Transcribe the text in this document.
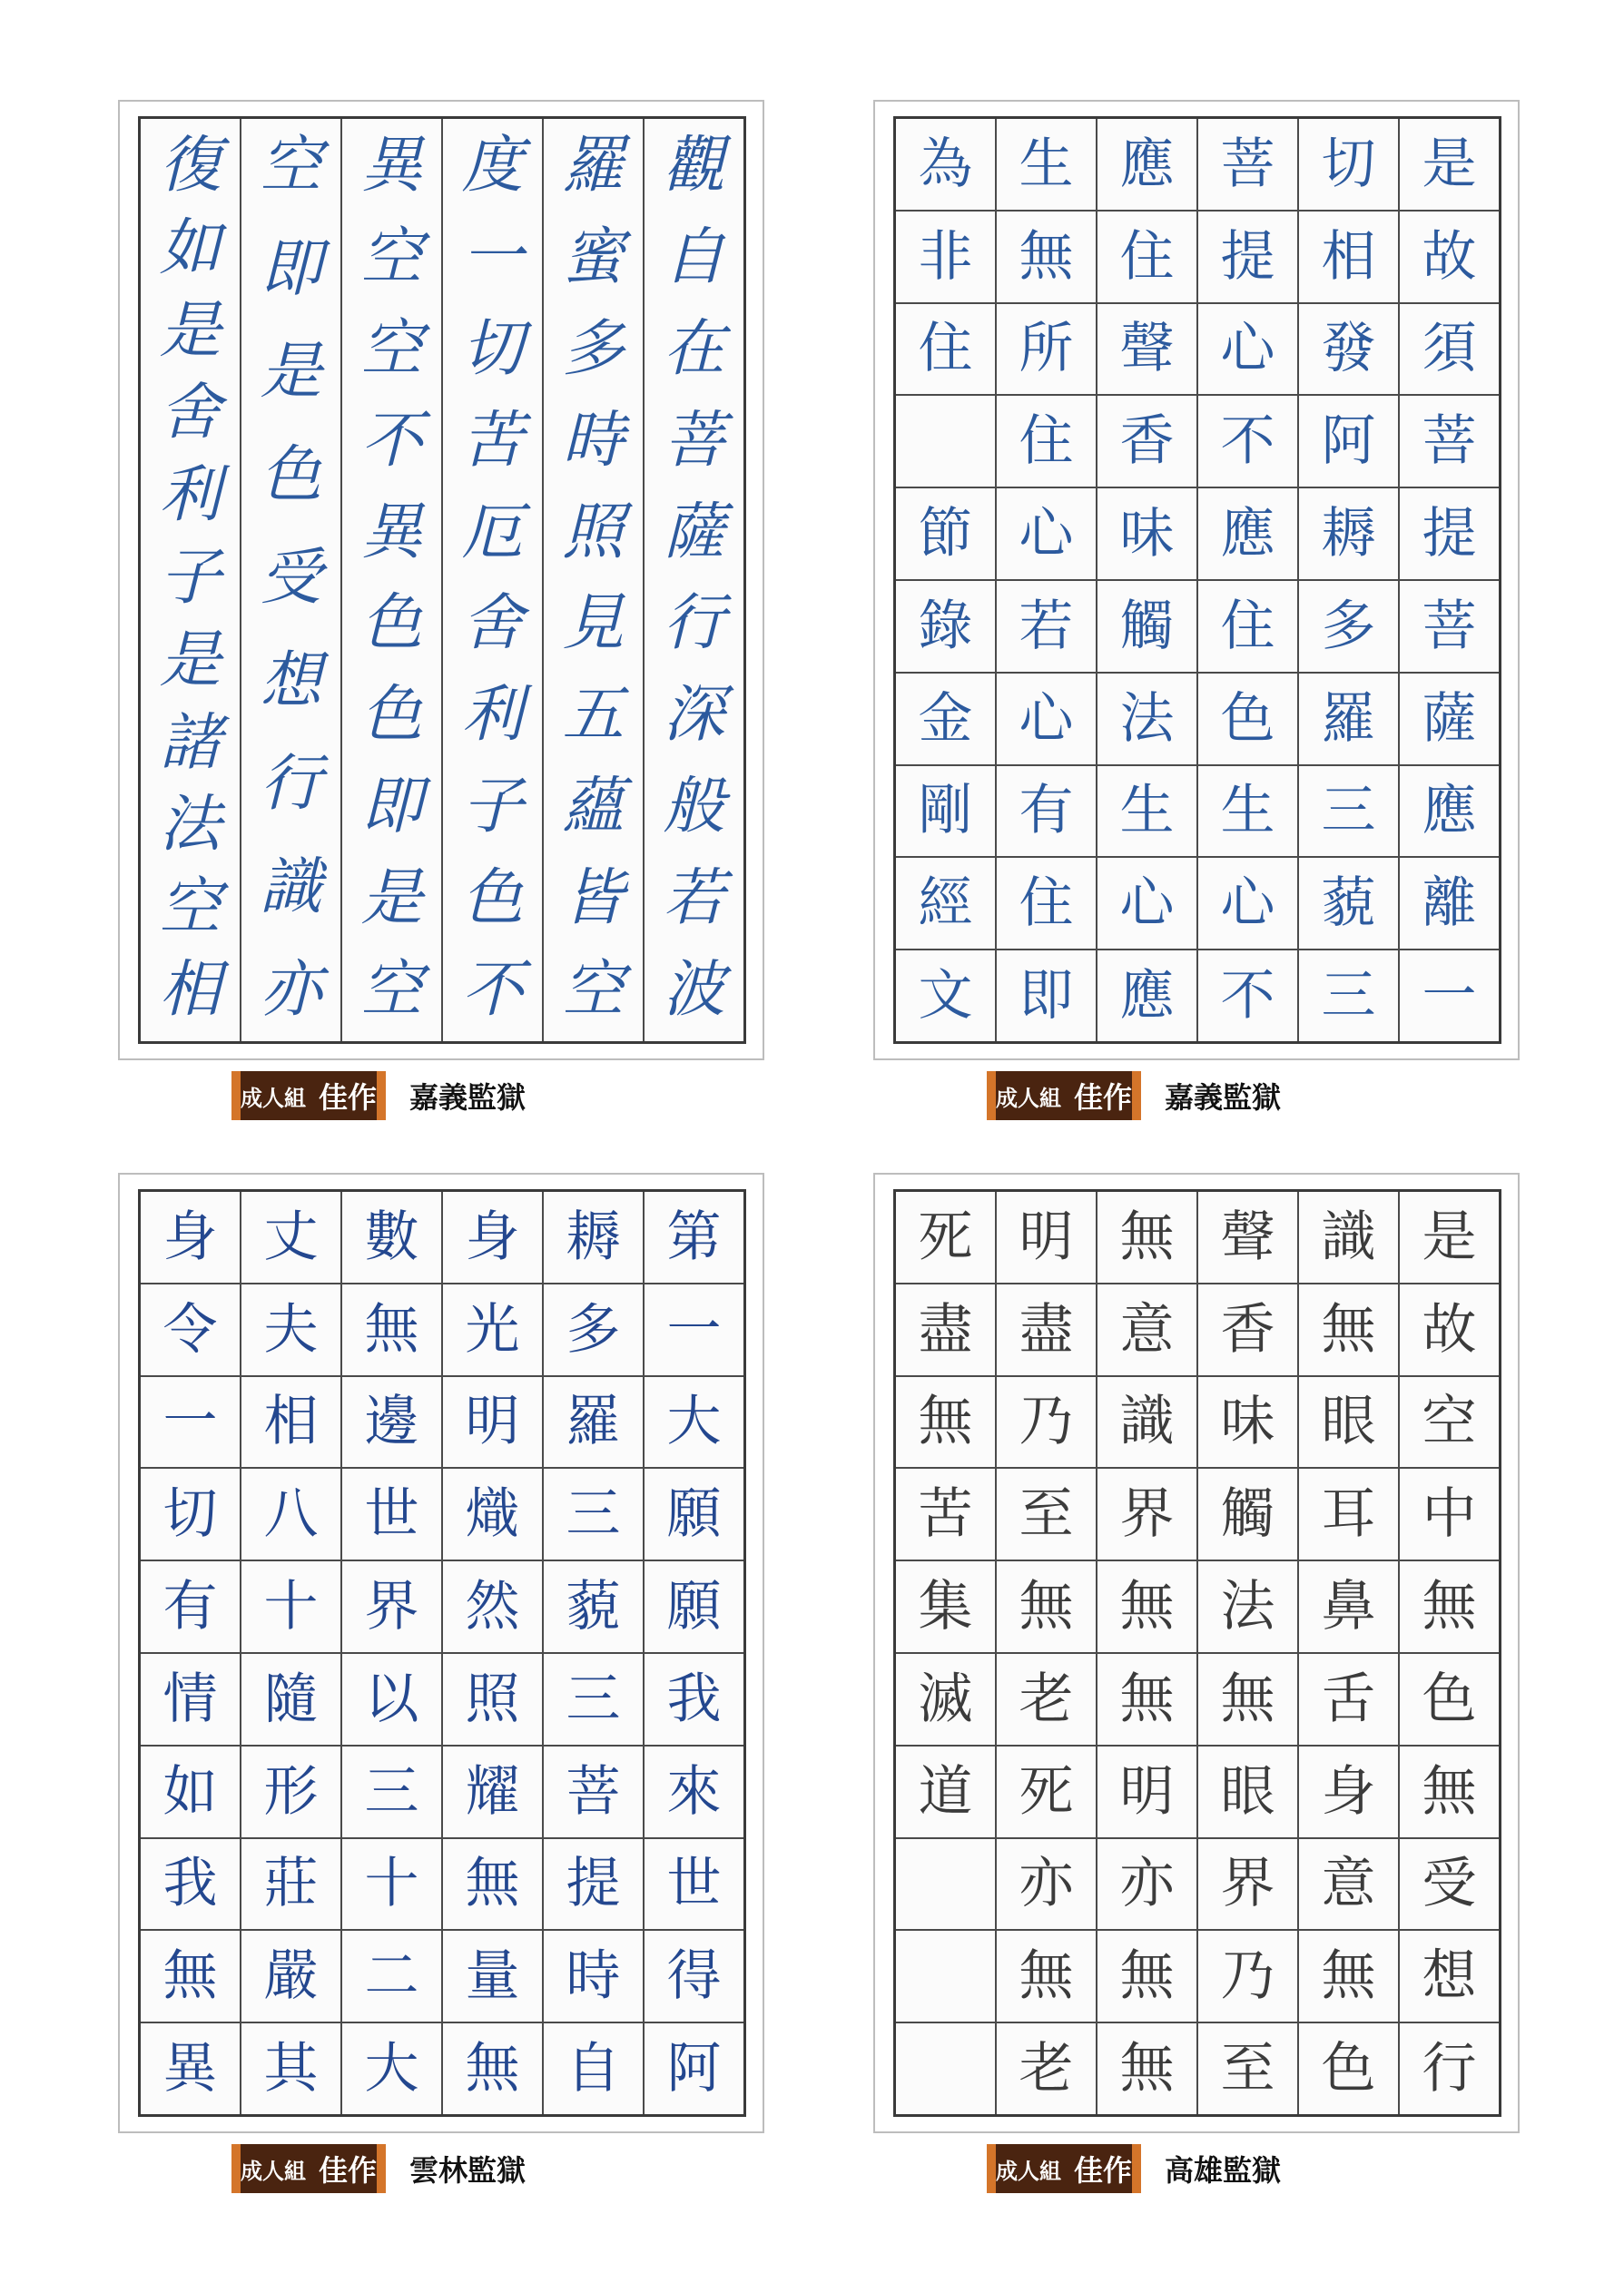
復
如
是
舍
利
子
是
諸
法
空
相
空
即
是
色
受
想
行
識
亦
異
空
空
不
異
色
色
即
是
空
度
一
切
苦
厄
舍
利
子
色
不
羅
蜜
多
時
照
見
五
蘊
皆
空
觀
自
在
菩
薩
行
深
般
若
波
成人組 佳作 嘉義監獄
為
非
住
節
錄
金
剛
經
文
生
無
所
住
心
若
心
有
住
即
應
住
聲
香
味
觸
法
生
心
應
菩
提
心
不
應
住
色
生
心
不
切
相
發
阿
耨
多
羅
三
藐
三
是
故
須
菩
提
菩
薩
應
離
一
成人組 佳作 嘉義監獄
身
令
一
切
有
情
如
我
無
異
丈
夫
相
八
十
隨
形
莊
嚴
其
數
無
邊
世
界
以
三
十
二
大
身
光
明
熾
然
照
耀
無
量
無
耨
多
羅
三
藐
三
菩
提
時
自
第
一
大
願
願
我
來
世
得
阿
成人組 佳作 雲林監獄
死
盡
無
苦
集
滅
道
明
盡
乃
至
無
老
死
亦
無
老
無
意
識
界
無
無
明
亦
無
無
聲
香
味
觸
法
無
眼
界
乃
至
識
無
眼
耳
鼻
舌
身
意
無
色
是
故
空
中
無
色
無
受
想
行
成人組 佳作 高雄監獄
